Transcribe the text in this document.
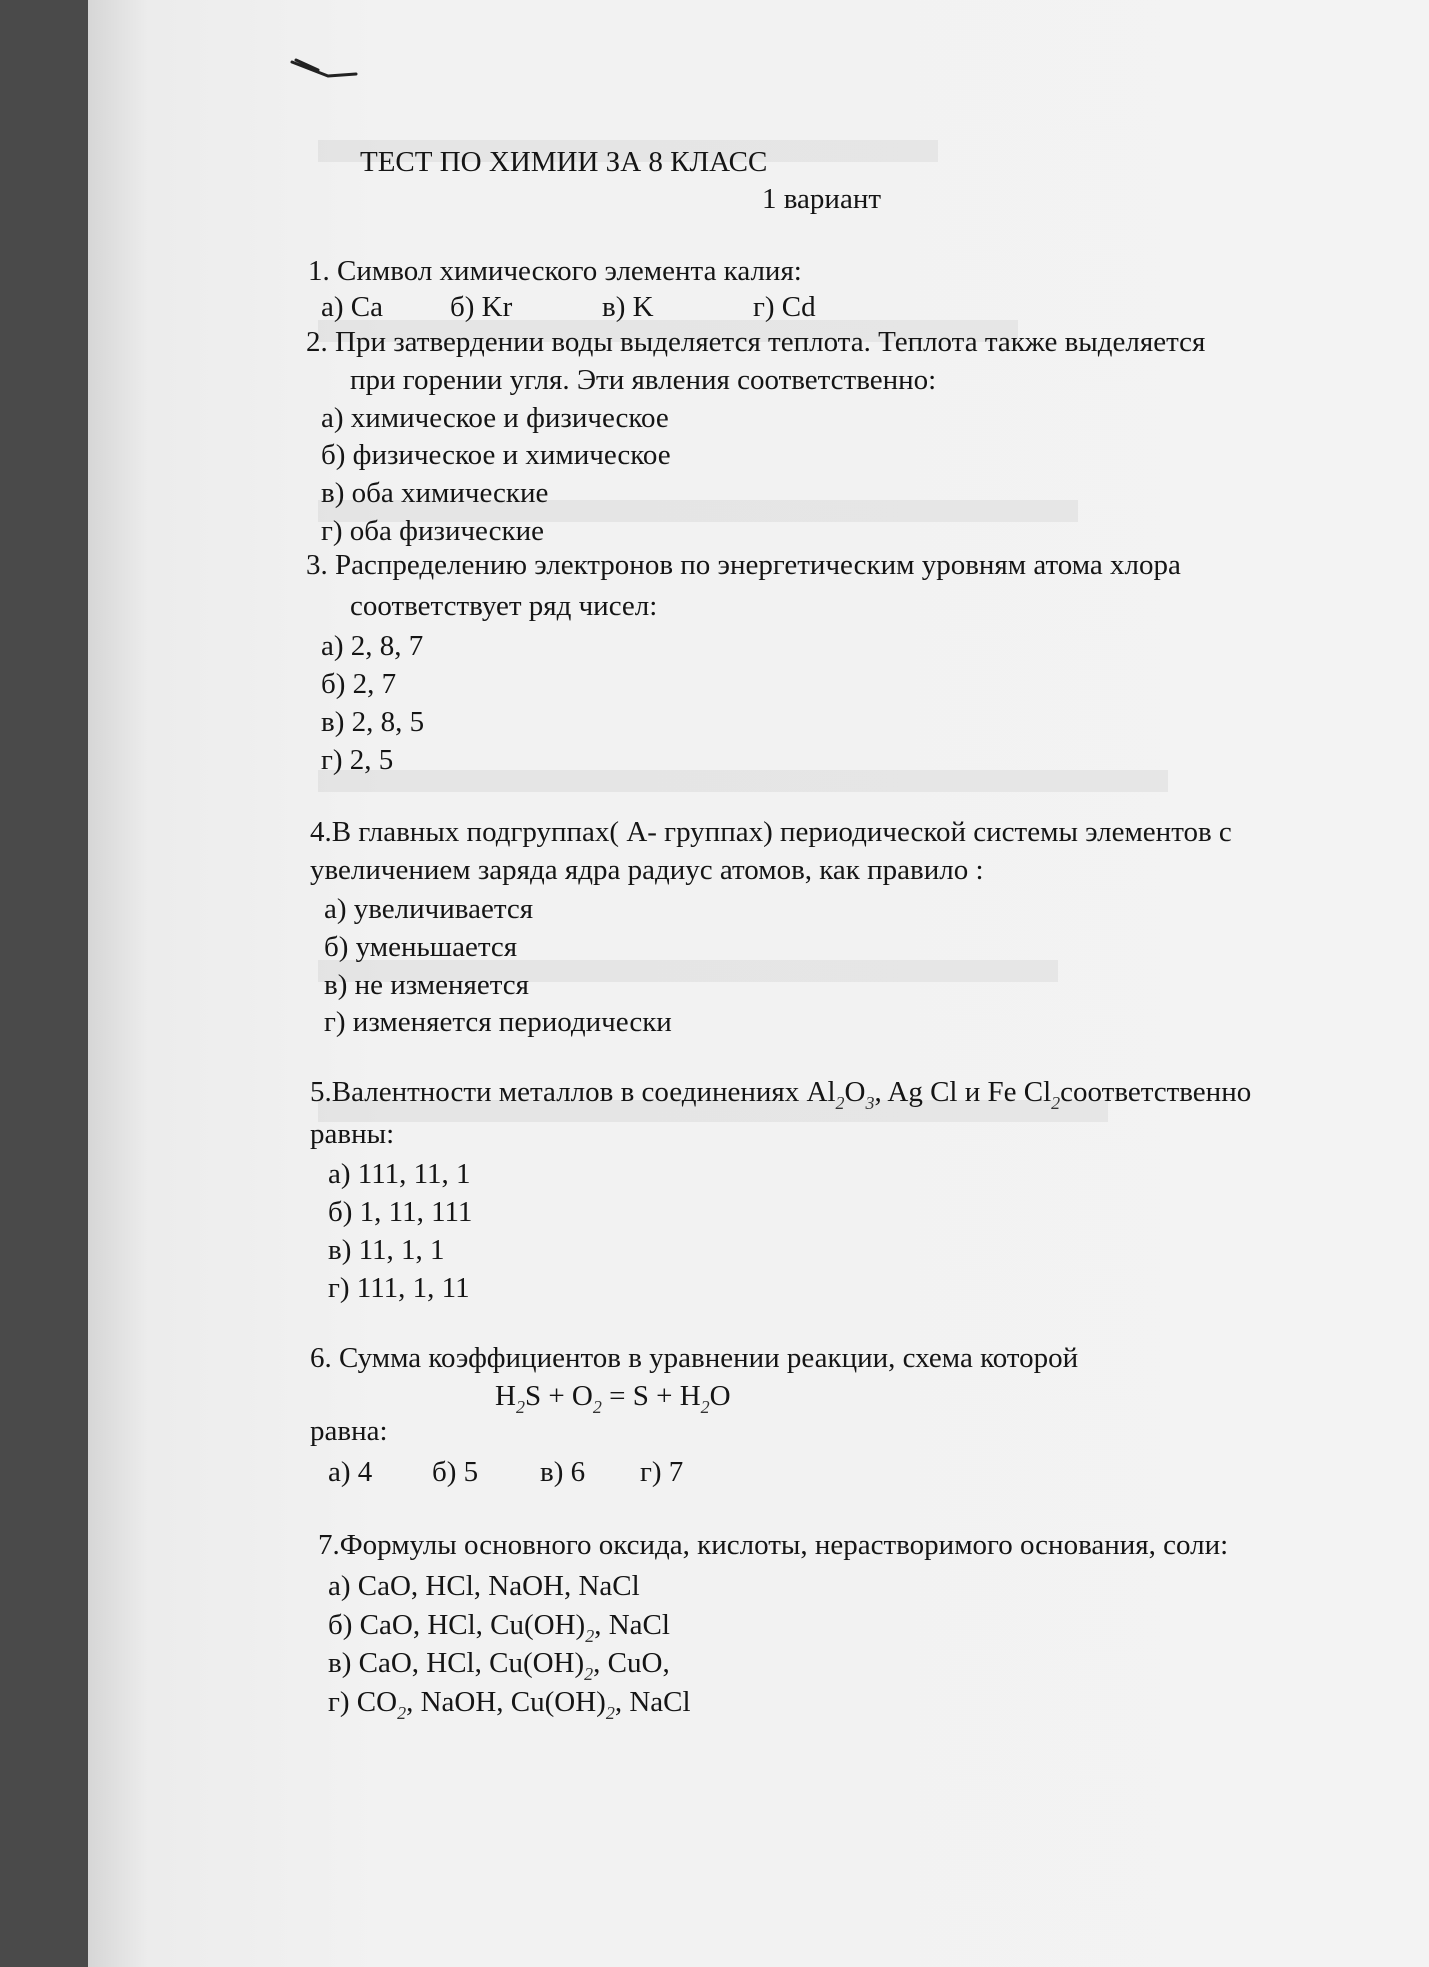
ТЕСТ ПО ХИМИИ ЗА 8 КЛАСС
1 вариант
1. Символ химического элемента калия:
а) Ca б) Kr	в) K	г) Cd
2. При затвердении воды выделяется теплота. Теплота также выделяется
при горении угля. Эти явления соответственно:
а) химическое и физическое
б) физическое и химическое
в) оба химические
г) оба физические
3. Распределению электронов по энергетическим уровням атома хлора
соответствует ряд чисел:
а) 2, 8, 7
б) 2, 7
в) 2, 8, 5
г) 2, 5
4.В главных подгруппах( А- группах) периодической системы элементов с
увеличением заряда ядра радиус атомов, как правило :
а) увеличивается
б) уменьшается
в) не изменяется
г) изменяется периодически
5.Валентности металлов в соединениях $Al_2O_3$, Ag Cl и Fe $Cl_2соответственно$
равны:
а) 111, 11, 1
б) 1, 11, 111
в) 11, 1, 1
г) 111, 1, 11
6. Сумма коэффициентов в уравнении реакции, схема которой
$H_2S + O_2 = S + H_2O$
равна:
а) 4 б) 5 в) 6 г) 7
7.Формулы основного оксида, кислоты, нерастворимого основания, соли:
а) CaO, HCl, NaOH, NaCl
б) CaO, HCl, $Cu(OH)_2$, NaCl
в) CaO, HCl, $Cu(OH)_2$, CuO,
г) $CO_2$, NaOH, $Cu(OH)_2$, NaCl
